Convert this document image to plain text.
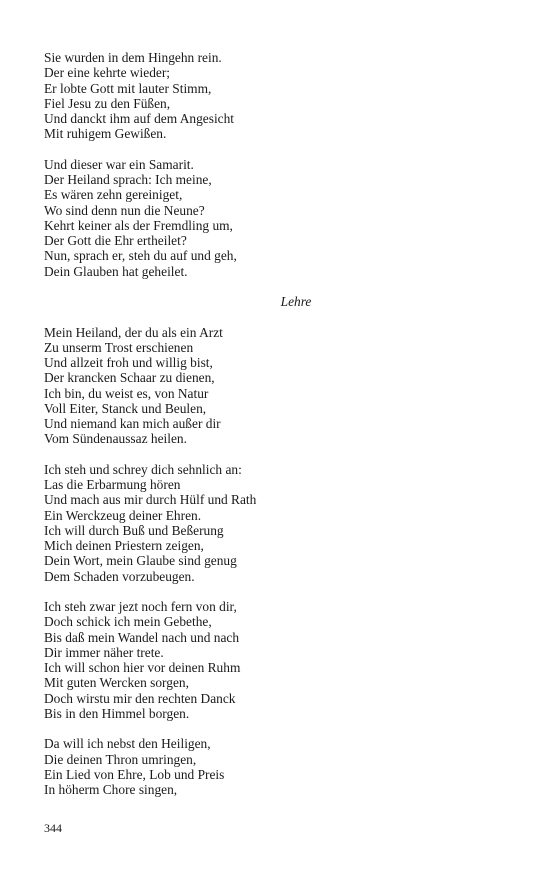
Sie wurden in dem Hingehn rein.
Der eine kehrte wieder;
Er lobte Gott mit lauter Stimm,
Fiel Jesu zu den Füßen,
Und danckt ihm auf dem Angesicht
Mit ruhigem Gewißen.
Und dieser war ein Samarit.
Der Heiland sprach: Ich meine,
Es wären zehn gereiniget,
Wo sind denn nun die Neune?
Kehrt keiner als der Fremdling um,
Der Gott die Ehr ertheilet?
Nun, sprach er, steh du auf und geh,
Dein Glauben hat geheilet.
Lehre
Mein Heiland, der du als ein Arzt
Zu unserm Trost erschienen
Und allzeit froh und willig bist,
Der krancken Schaar zu dienen,
Ich bin, du weist es, von Natur
Voll Eiter, Stanck und Beulen,
Und niemand kan mich außer dir
Vom Sündenaussaz heilen.
Ich steh und schrey dich sehnlich an:
Las die Erbarmung hören
Und mach aus mir durch Hülf und Rath
Ein Werckzeug deiner Ehren.
Ich will durch Buß und Beßerung
Mich deinen Priestern zeigen,
Dein Wort, mein Glaube sind genug
Dem Schaden vorzubeugen.
Ich steh zwar jezt noch fern von dir,
Doch schick ich mein Gebethe,
Bis daß mein Wandel nach und nach
Dir immer näher trete.
Ich will schon hier vor deinen Ruhm
Mit guten Wercken sorgen,
Doch wirstu mir den rechten Danck
Bis in den Himmel borgen.
Da will ich nebst den Heiligen,
Die deinen Thron umringen,
Ein Lied von Ehre, Lob und Preis
In höherm Chore singen,
344
